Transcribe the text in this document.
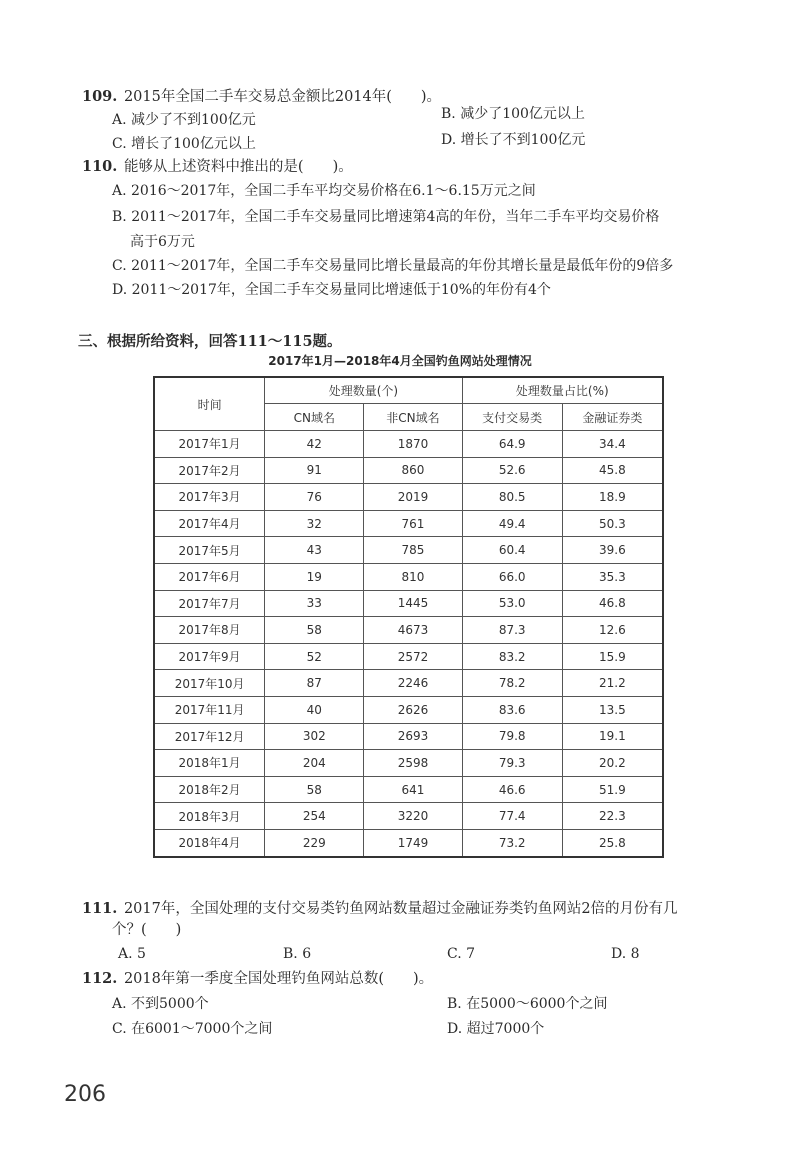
109. 2015年全国二手车交易总金额比2014年(　　)。
A. 减少了不到100亿元	B. 减少了100亿元以上
C. 增长了100亿元以上	D. 增长了不到100亿元
110. 能够从上述资料中推出的是(　　)。
A. 2016～2017年，全国二手车平均交易价格在6.1～6.15万元之间
B. 2011～2017年，全国二手车交易量同比增速第4高的年份，当年二手车平均交易价格
高于6万元
C. 2011～2017年，全国二手车交易量同比增长量最高的年份其增长量是最低年份的9倍多
D. 2011～2017年，全国二手车交易量同比增速低于10%的年份有4个
三、根据所给资料，回答111～115题。
2017年1月—2018年4月全国钓鱼网站处理情况
时间	处理数量(个)		处理数量占比(%)	
	CN域名	非CN域名	支付交易类	金融证券类
2017年1月	42	1870	64.9	34.4
2017年2月	91	860	52.6	45.8
2017年3月	76	2019	80.5	18.9
2017年4月	32	761	49.4	50.3
2017年5月	43	785	60.4	39.6
2017年6月	19	810	66.0	35.3
2017年7月	33	1445	53.0	46.8
2017年8月	58	4673	87.3	12.6
2017年9月	52	2572	83.2	15.9
2017年10月	87	2246	78.2	21.2
2017年11月	40	2626	83.6	13.5
2017年12月	302	2693	79.8	19.1
2018年1月	204	2598	79.3	20.2
2018年2月	58	641	46.6	51.9
2018年3月	254	3220	77.4	22.3
2018年4月	229	1749	73.2	25.8
111. 2017年，全国处理的支付交易类钓鱼网站数量超过金融证券类钓鱼网站2倍的月份有几
个？(　　)
A. 5	B. 6	C. 7	D. 8
112. 2018年第一季度全国处理钓鱼网站总数(　　)。
A. 不到5000个	B. 在5000～6000个之间
C. 在6001～7000个之间	D. 超过7000个
206
